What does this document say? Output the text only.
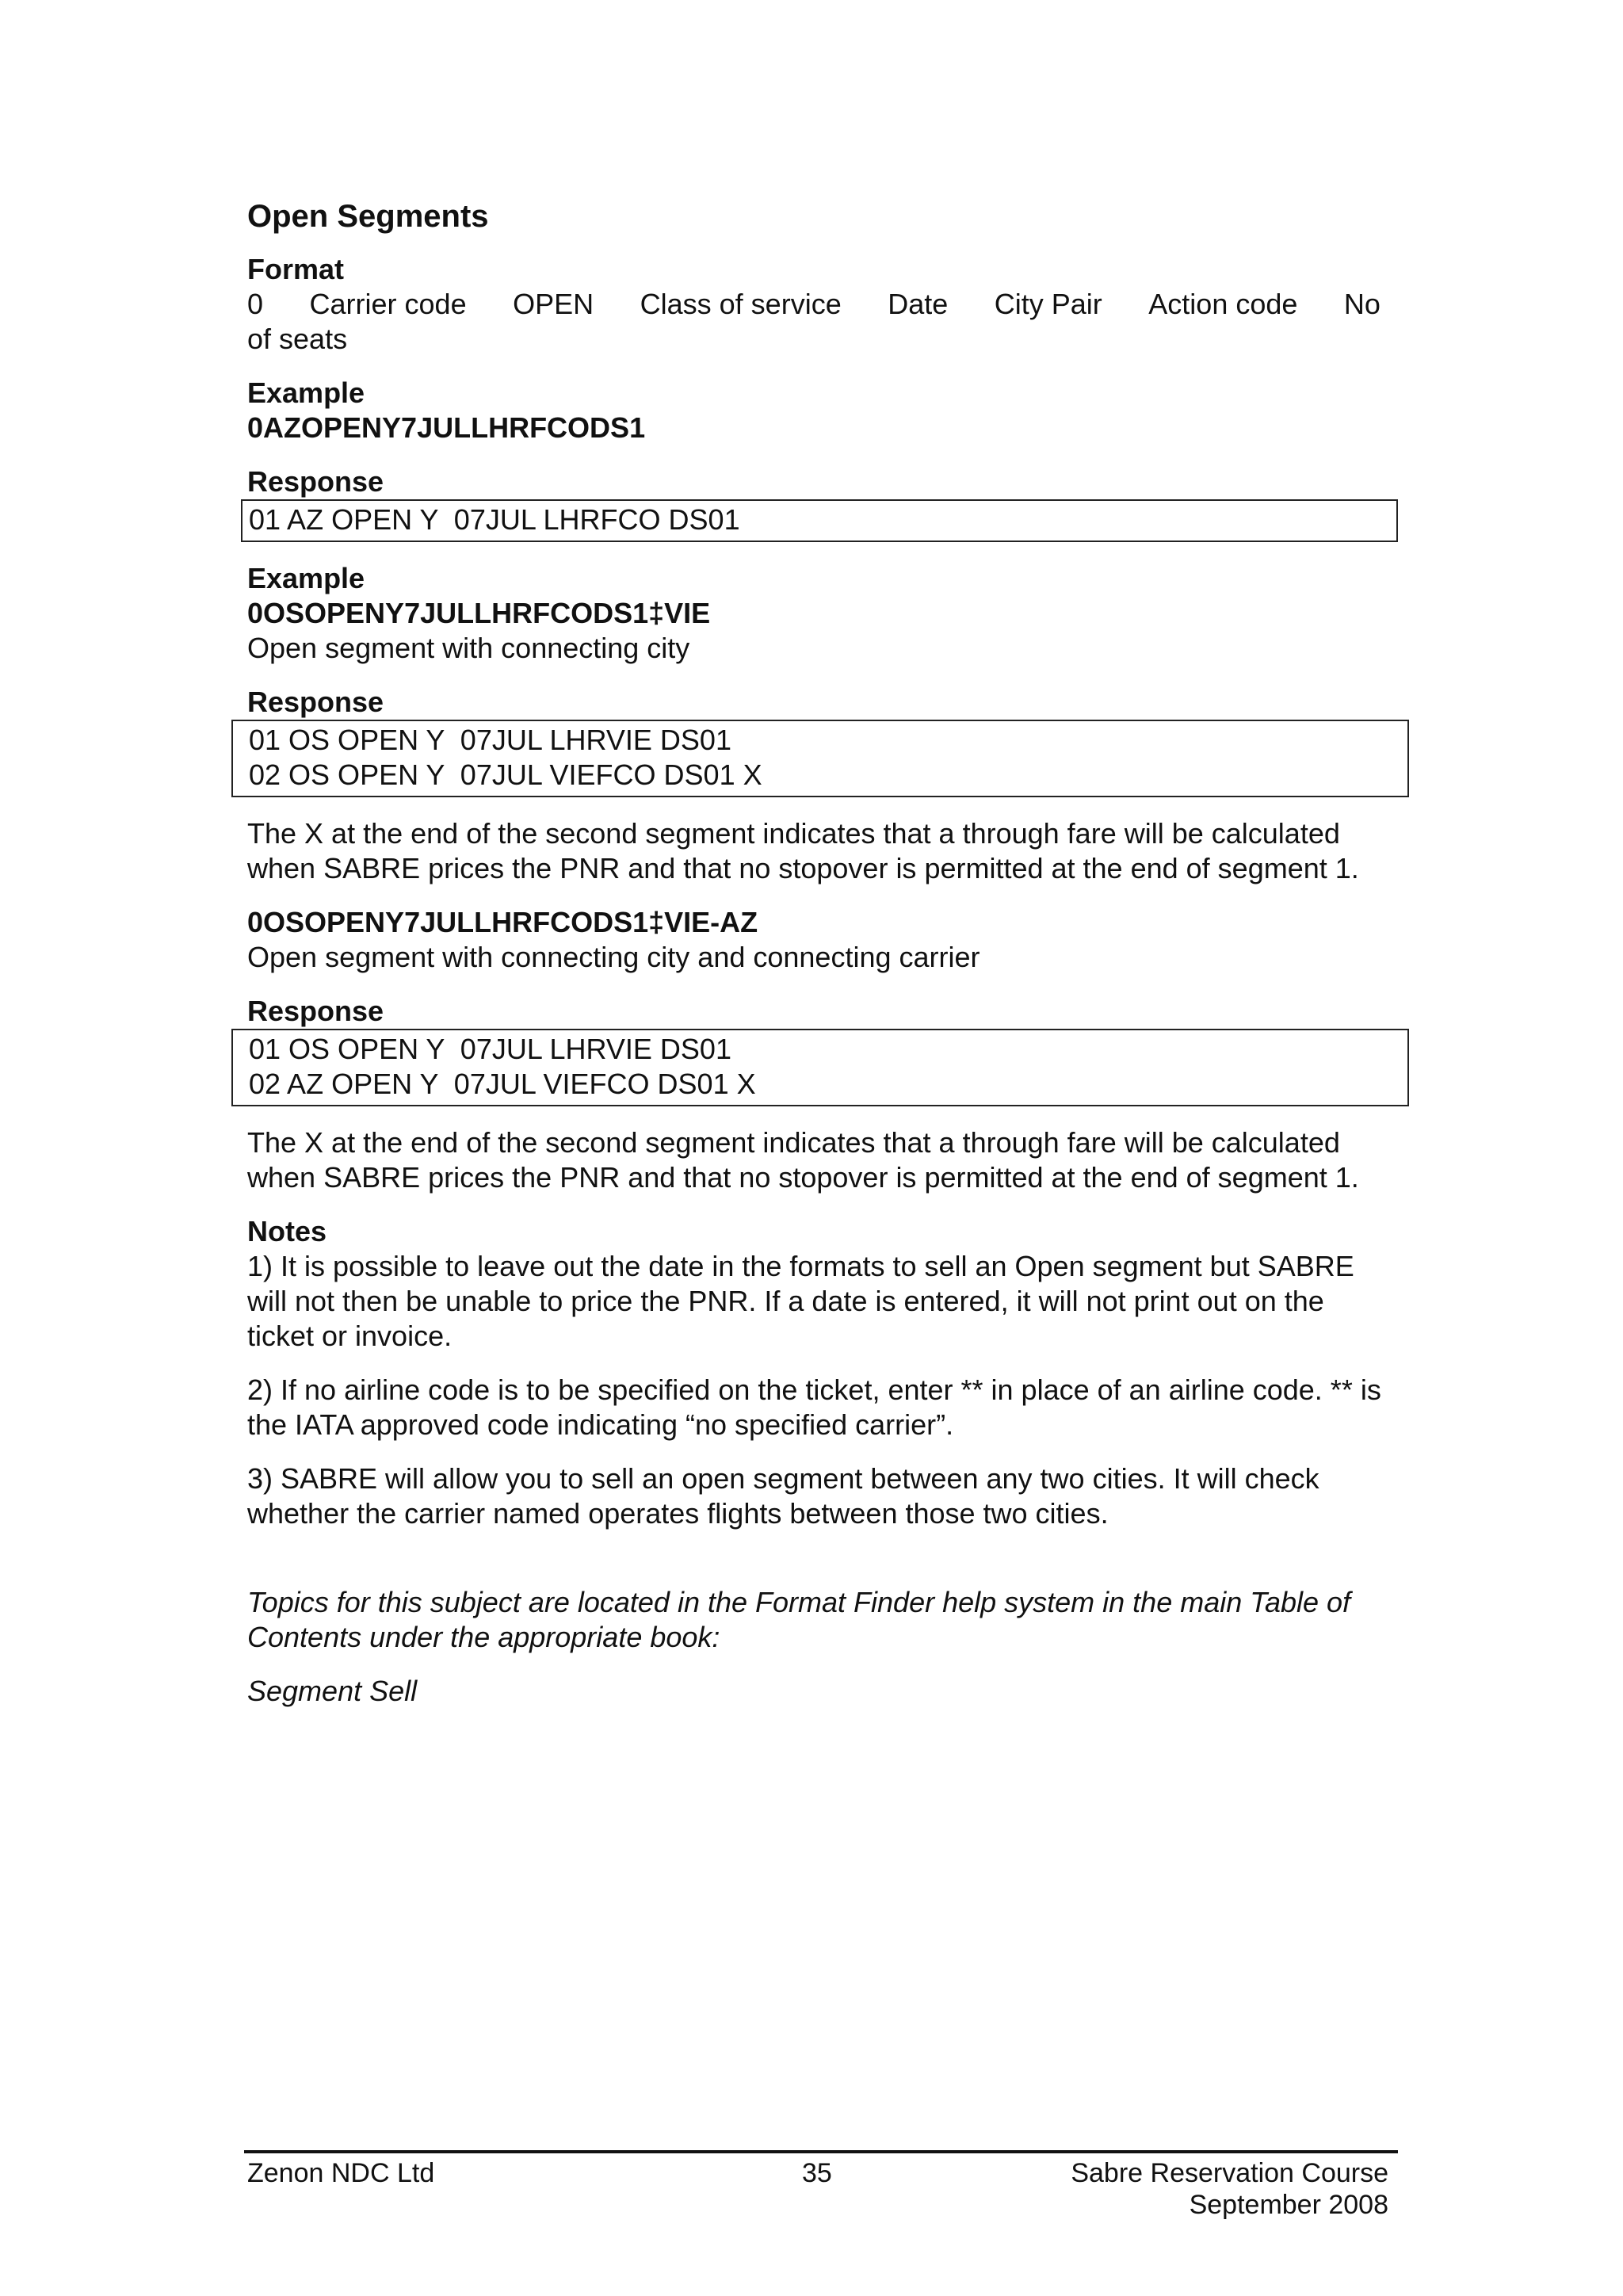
Open Segments

Format

0 Carrier code OPEN Class of service Date City Pair Action code No

of seats

Example

0AZOPENY7JULLHRFCODS1

Response

01 AZ OPEN Y  07JUL LHRFCO DS01

Example

0OSOPENY7JULLHRFCODS1‡VIE

Open segment with connecting city

Response

01 OS OPEN Y  07JUL LHRVIE DS01
02 OS OPEN Y  07JUL VIEFCO DS01 X

The X at the end of the second segment indicates that a through fare will be calculated when SABRE prices the PNR and that no stopover is permitted at the end of segment 1.

0OSOPENY7JULLHRFCODS1‡VIE-AZ

Open segment with connecting city and connecting carrier

Response

01 OS OPEN Y  07JUL LHRVIE DS01
02 AZ OPEN Y  07JUL VIEFCO DS01 X

The X at the end of the second segment indicates that a through fare will be calculated when SABRE prices the PNR and that no stopover is permitted at the end of segment 1.

Notes

1) It is possible to leave out the date in the formats to sell an Open segment but SABRE will not then be unable to price the PNR. If a date is entered, it will not print out on the ticket or invoice.

2) If no airline code is to be specified on the ticket, enter ** in place of an airline code. ** is the IATA approved code indicating “no specified carrier”.

3) SABRE will allow you to sell an open segment between any two cities. It will check whether the carrier named operates flights between those two cities.

Topics for this subject are located in the Format Finder help system in the main Table of Contents under the appropriate book:

Segment Sell

Zenon NDC Ltd	35	Sabre Reservation Course
September 2008
